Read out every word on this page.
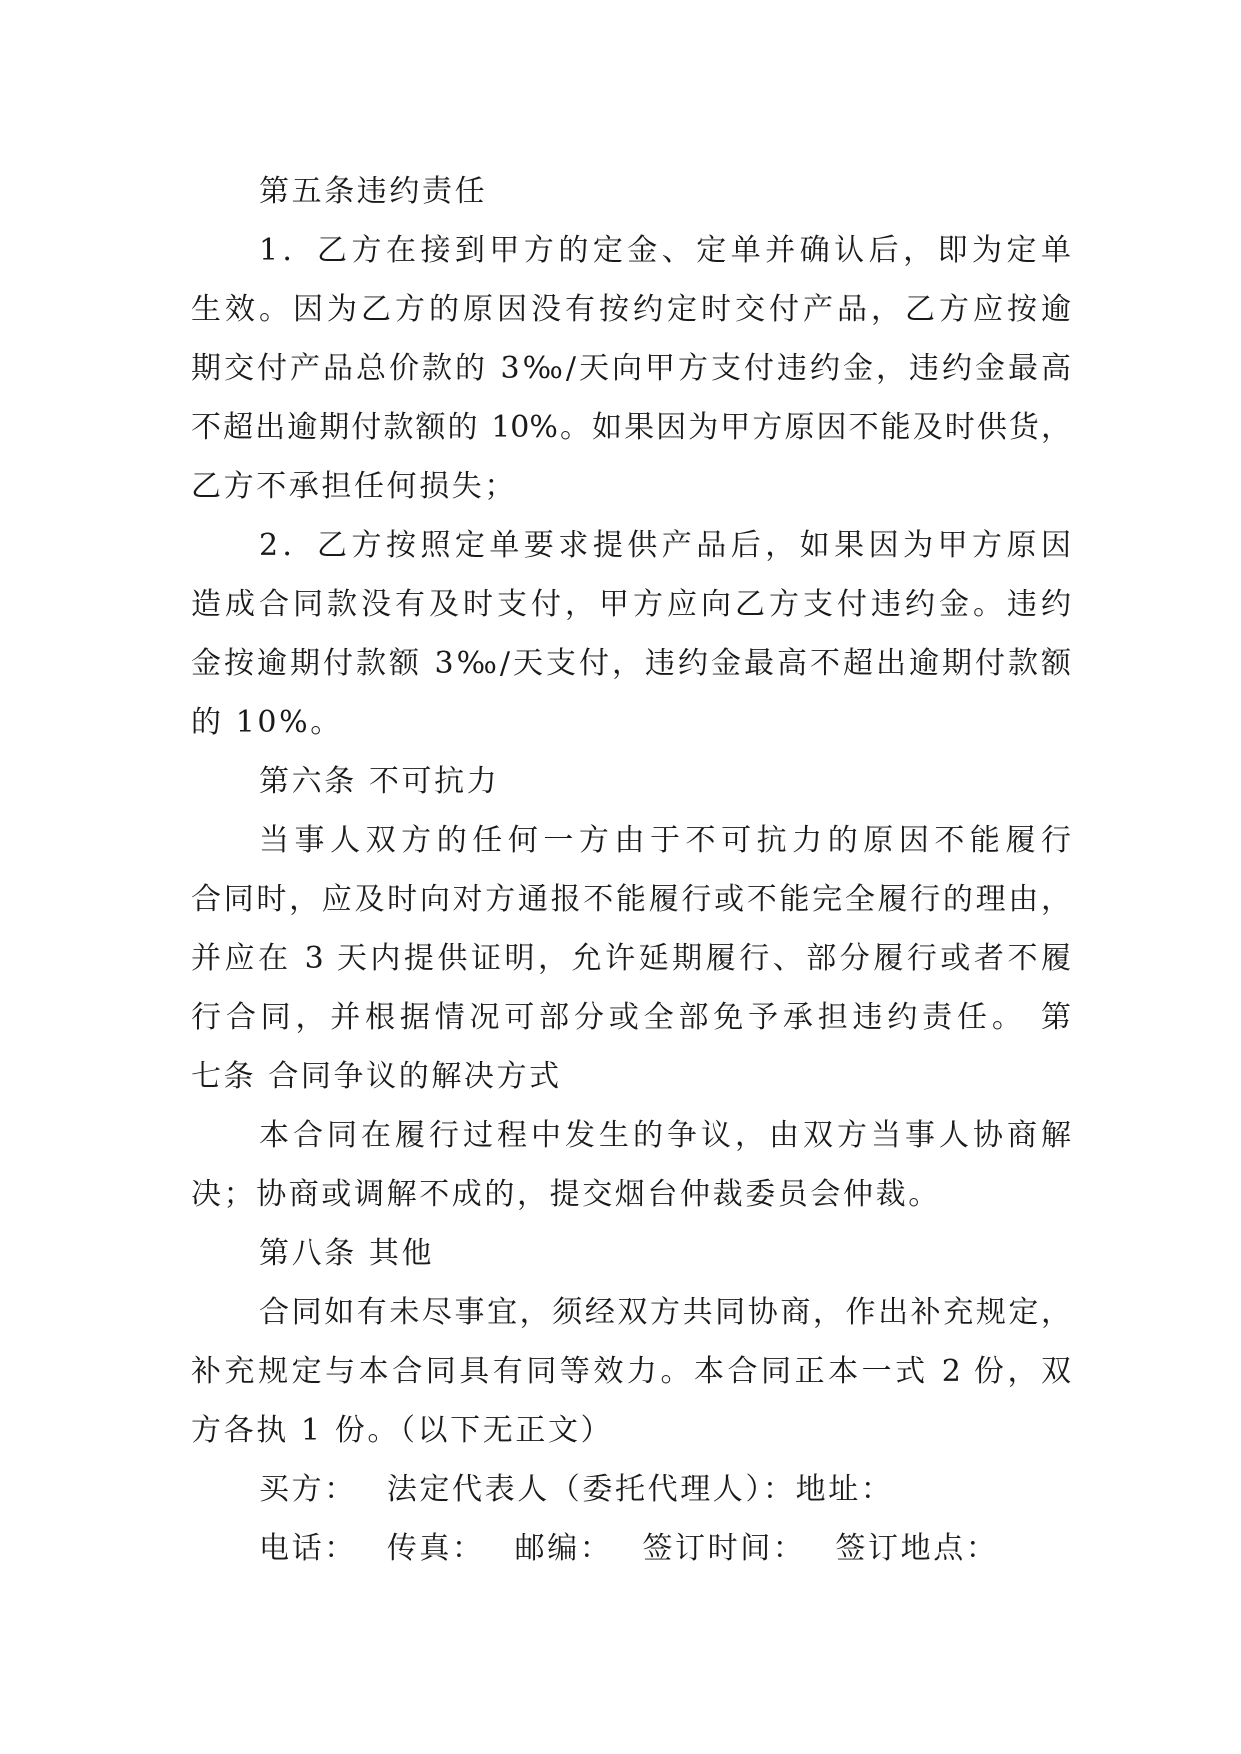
第五条违约责任
1．乙方在接到甲方的定金、定单并确认后，即为定单
生效。因为乙方的原因没有按约定时交付产品，乙方应按逾
期交付产品总价款的 3‰/天向甲方支付违约金，违约金最高
不超出逾期付款额的 10%。如果因为甲方原因不能及时供货，
乙方不承担任何损失；
2．乙方按照定单要求提供产品后，如果因为甲方原因
造成合同款没有及时支付，甲方应向乙方支付违约金。违约
金按逾期付款额 3‰/天支付，违约金最高不超出逾期付款额
的 10%。
第六条 不可抗力
当事人双方的任何一方由于不可抗力的原因不能履行
合同时，应及时向对方通报不能履行或不能完全履行的理由，
并应在 3 天内提供证明，允许延期履行、部分履行或者不履
行合同，并根据情况可部分或全部免予承担违约责任。 第
七条 合同争议的解决方式
本合同在履行过程中发生的争议，由双方当事人协商解
决；协商或调解不成的，提交烟台仲裁委员会仲裁。
第八条 其他
合同如有未尽事宜，须经双方共同协商，作出补充规定，
补充规定与本合同具有同等效力。本合同正本一式 2 份，双
方各执 1 份。（以下无正文）
买方： 法定代表人（委托代理人）：地址：
电话： 传真： 邮编： 签订时间： 签订地点：
